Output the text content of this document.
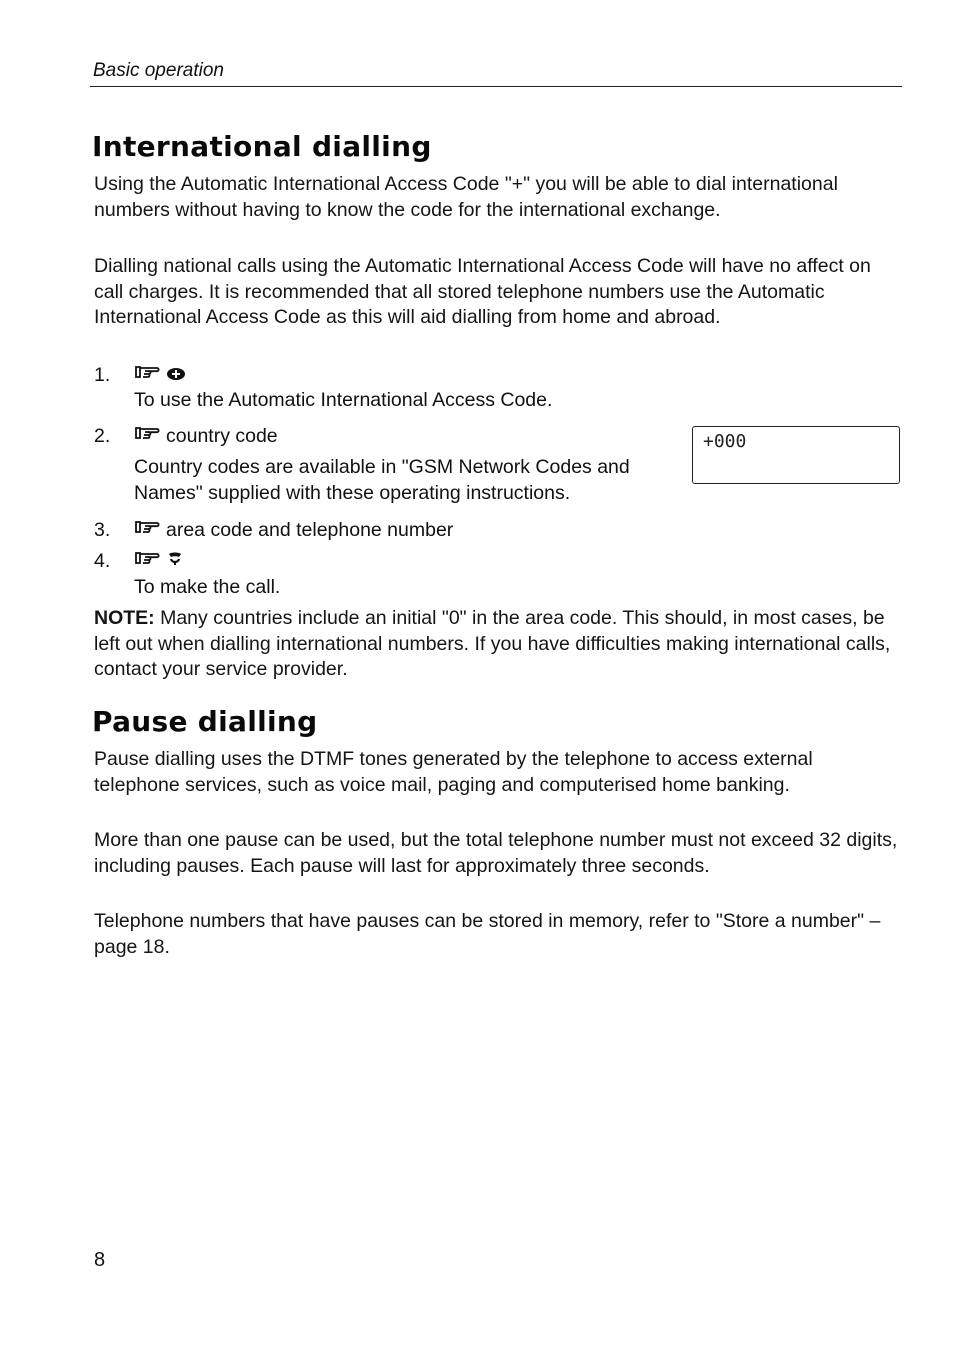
Basic operation
International dialling

Using the Automatic International Access Code "+" you will be able to dial international numbers without having to know the code for the international exchange.

Dialling national calls using the Automatic International Access Code will have no affect on call charges. It is recommended that all stored telephone numbers use the Automatic International Access Code as this will aid dialling from home and abroad.

1.

To use the Automatic International Access Code.

2.	country code

Country codes are available in "GSM Network Codes and Names" supplied with these operating instructions.

+000
3.	area code and telephone number
4.

To make the call.

NOTE: Many countries include an initial "0" in the area code. This should, in most cases, be left out when dialling international numbers. If you have difficulties making international calls, contact your service provider.

Pause dialling

Pause dialling uses the DTMF tones generated by the telephone to access external telephone services, such as voice mail, paging and computerised home banking.

More than one pause can be used, but the total telephone number must not exceed 32 digits, including pauses. Each pause will last for approximately three seconds.

Telephone numbers that have pauses can be stored in memory, refer to "Store a number" – page 18.

8
